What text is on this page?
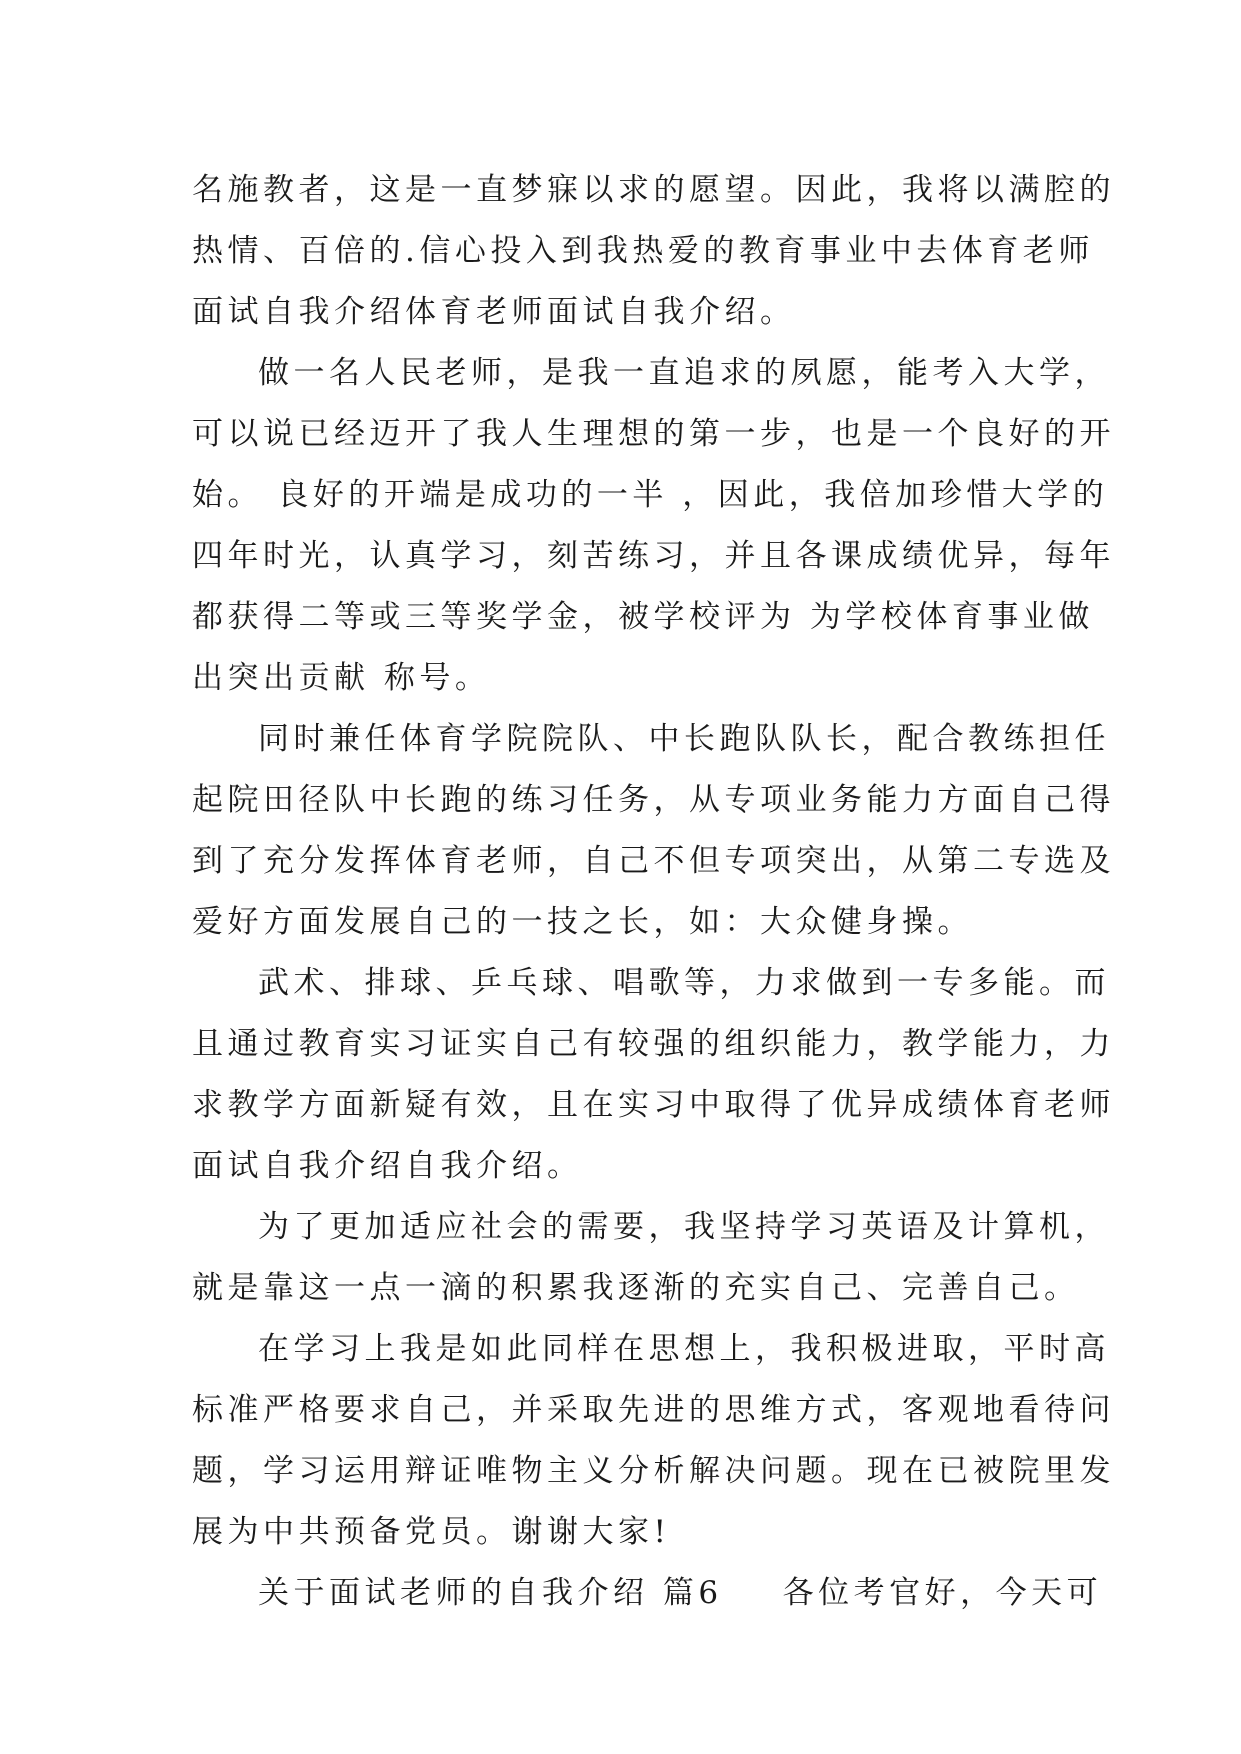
名施教者，这是一直梦寐以求的愿望。因此，我将以满腔的
热情、百倍的.信心投入到我热爱的教育事业中去体育老师
面试自我介绍体育老师面试自我介绍。
做一名人民老师，是我一直追求的夙愿，能考入大学，
可以说已经迈开了我人生理想的第一步，也是一个良好的开
始。 良好的开端是成功的一半 ，因此，我倍加珍惜大学的
四年时光，认真学习，刻苦练习，并且各课成绩优异，每年
都获得二等或三等奖学金，被学校评为 为学校体育事业做
出突出贡献 称号。
同时兼任体育学院院队、中长跑队队长，配合教练担任
起院田径队中长跑的练习任务，从专项业务能力方面自己得
到了充分发挥体育老师，自己不但专项突出，从第二专选及
爱好方面发展自己的一技之长，如：大众健身操。
武术、排球、乒乓球、唱歌等，力求做到一专多能。而
且通过教育实习证实自己有较强的组织能力，教学能力，力
求教学方面新疑有效，且在实习中取得了优异成绩体育老师
面试自我介绍自我介绍。
为了更加适应社会的需要，我坚持学习英语及计算机，
就是靠这一点一滴的积累我逐渐的充实自己、完善自己。
在学习上我是如此同样在思想上，我积极进取，平时高
标准严格要求自己，并采取先进的思维方式，客观地看待问
题，学习运用辩证唯物主义分析解决问题。现在已被院里发
展为中共预备党员。谢谢大家!
关于面试老师的自我介绍 篇6 各位考官好，今天可
